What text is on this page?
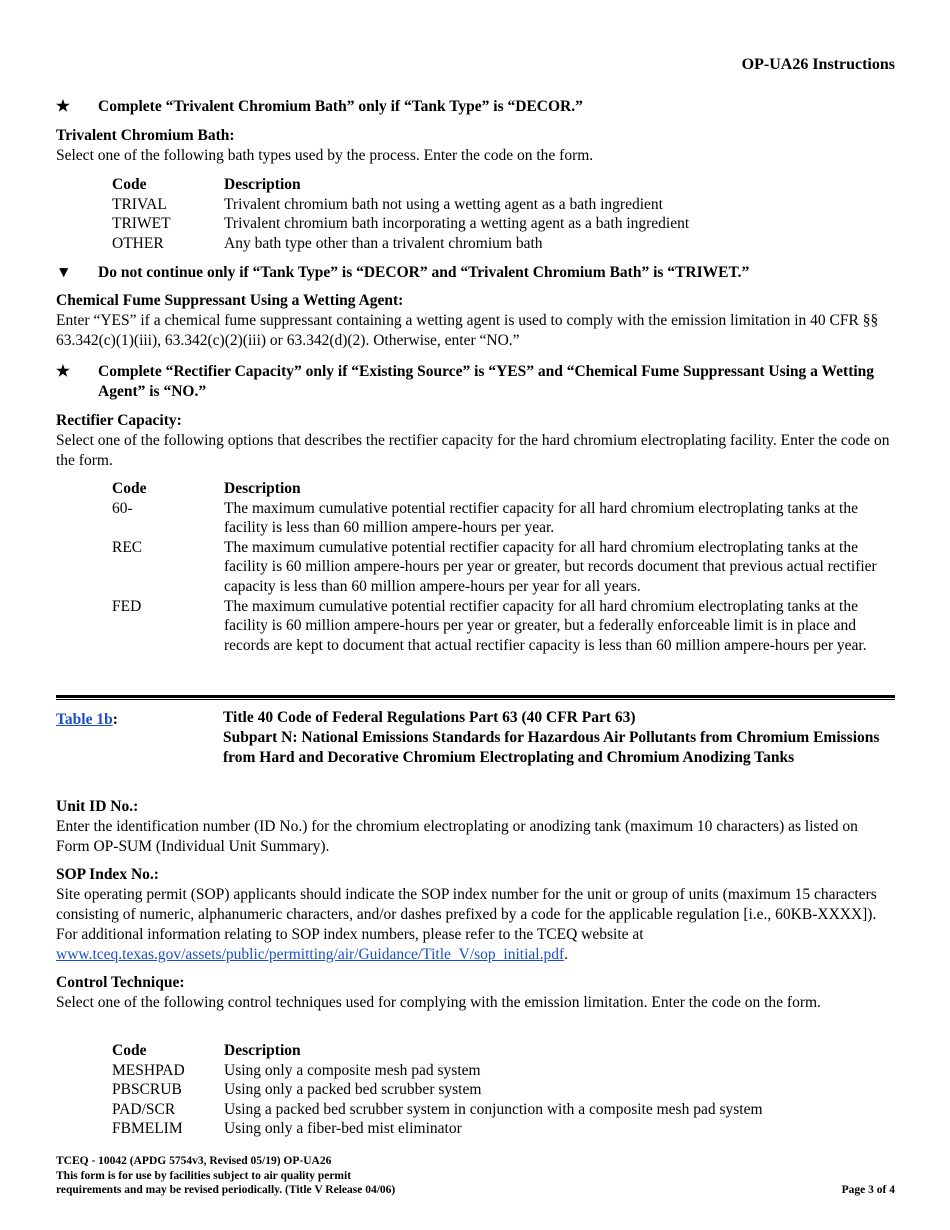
OP-UA26 Instructions
★	Complete “Trivalent Chromium Bath” only if “Tank Type” is “DECOR.”
Trivalent Chromium Bath:
Select one of the following bath types used by the process. Enter the code on the form.
Code	Description
TRIVAL	Trivalent chromium bath not using a wetting agent as a bath ingredient
TRIWET	Trivalent chromium bath incorporating a wetting agent as a bath ingredient
OTHER	Any bath type other than a trivalent chromium bath
▼	Do not continue only if “Tank Type” is “DECOR” and “Trivalent Chromium Bath” is “TRIWET.”
Chemical Fume Suppressant Using a Wetting Agent:
Enter “YES” if a chemical fume suppressant containing a wetting agent is used to comply with the emission limitation in 40 CFR §§ 63.342(c)(1)(iii), 63.342(c)(2)(iii) or 63.342(d)(2). Otherwise, enter “NO.”
★	Complete “Rectifier Capacity” only if “Existing Source” is “YES” and “Chemical Fume Suppressant Using a Wetting Agent” is “NO.”
Rectifier Capacity:
Select one of the following options that describes the rectifier capacity for the hard chromium electroplating facility. Enter the code on the form.
Code	Description
60-	The maximum cumulative potential rectifier capacity for all hard chromium electroplating tanks at the facility is less than 60 million ampere-hours per year.
REC	The maximum cumulative potential rectifier capacity for all hard chromium electroplating tanks at the facility is 60 million ampere-hours per year or greater, but records document that previous actual rectifier capacity is less than 60 million ampere-hours per year for all years.
FED	The maximum cumulative potential rectifier capacity for all hard chromium electroplating tanks at the facility is 60 million ampere-hours per year or greater, but a federally enforceable limit is in place and records are kept to document that actual rectifier capacity is less than 60 million ampere-hours per year.
Table 1b:	Title 40 Code of Federal Regulations Part 63 (40 CFR Part 63)
Subpart N: National Emissions Standards for Hazardous Air Pollutants from Chromium Emissions from Hard and Decorative Chromium Electroplating and Chromium Anodizing Tanks
Unit ID No.:
Enter the identification number (ID No.) for the chromium electroplating or anodizing tank (maximum 10 characters) as listed on Form OP-SUM (Individual Unit Summary).
SOP Index No.:
Site operating permit (SOP) applicants should indicate the SOP index number for the unit or group of units (maximum 15 characters consisting of numeric, alphanumeric characters, and/or dashes prefixed by a code for the applicable regulation [i.e., 60KB-XXXX]). For additional information relating to SOP index numbers, please refer to the TCEQ website at www.tceq.texas.gov/assets/public/permitting/air/Guidance/Title_V/sop_initial.pdf.
Control Technique:
Select one of the following control techniques used for complying with the emission limitation. Enter the code on the form.
Code	Description
MESHPAD	Using only a composite mesh pad system
PBSCRUB	Using only a packed bed scrubber system
PAD/SCR	Using a packed bed scrubber system in conjunction with a composite mesh pad system
FBMELIM	Using only a fiber-bed mist eliminator
TCEQ - 10042 (APDG 5754v3, Revised 05/19) OP-UA26
This form is for use by facilities subject to air quality permit
requirements and may be revised periodically. (Title V Release 04/06)	Page 3 of 4
